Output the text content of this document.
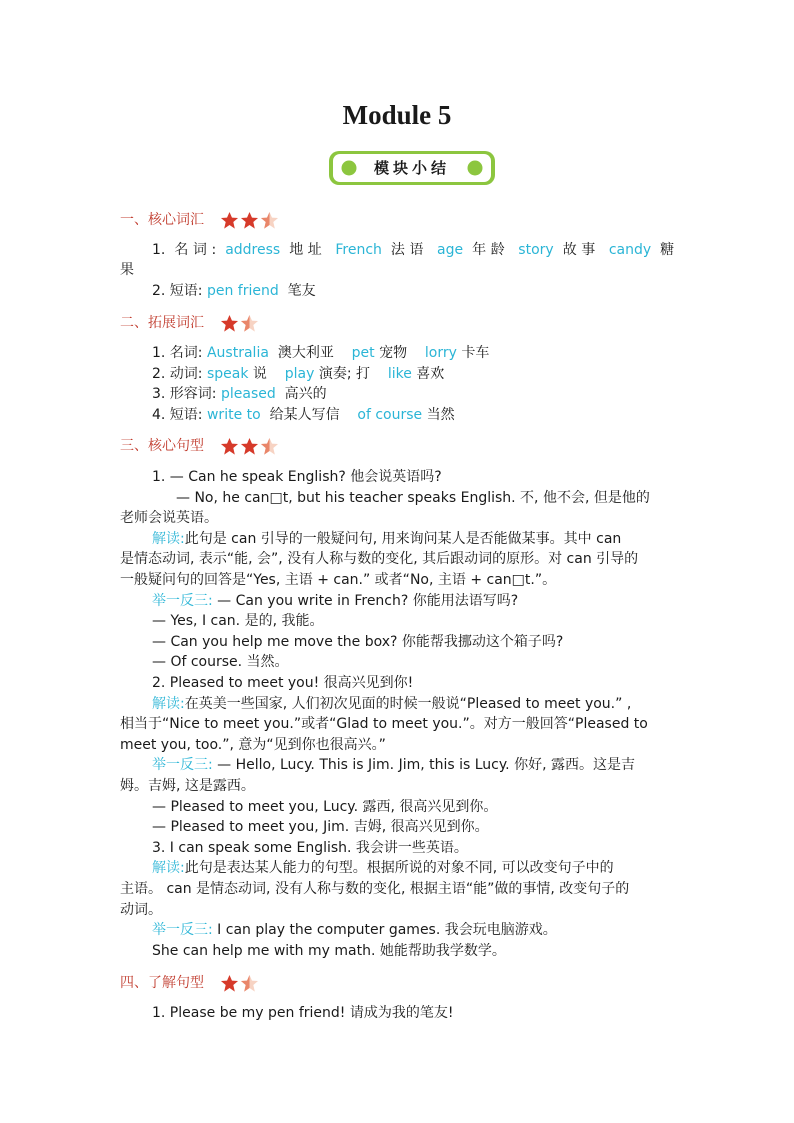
Module 5
模块小结
一、核心词汇
1. 名词: address 地址 French 法语 age 年龄 story 故事 candy 糖
果
2. 短语: pen friend 笔友
二、拓展词汇
1. 名词: Australia 澳大利亚 pet 宠物 lorry 卡车
2. 动词: speak 说 play 演奏; 打 like 喜欢
3. 形容词: pleased 高兴的
4. 短语: write to 给某人写信 of course 当然
三、核心句型
1. — Can he speak English? 他会说英语吗?
— No, he can□t, but his teacher speaks English. 不, 他不会, 但是他的
老师会说英语。
解读:此句是 can 引导的一般疑问句, 用来询问某人是否能做某事。其中 can
是情态动词, 表示“能, 会”, 没有人称与数的变化, 其后跟动词的原形。对 can 引导的
一般疑问句的回答是“Yes, 主语 + can.” 或者“No, 主语 + can□t.”。
举一反三: — Can you write in French? 你能用法语写吗?
— Yes, I can. 是的, 我能。
— Can you help me move the box? 你能帮我挪动这个箱子吗?
— Of course. 当然。
2. Pleased to meet you! 很高兴见到你!
解读:在英美一些国家, 人们初次见面的时候一般说“Pleased to meet you.” ,
相当于“Nice to meet you.”或者“Glad to meet you.”。对方一般回答“Pleased to
meet you, too.”, 意为“见到你也很高兴。”
举一反三: — Hello, Lucy. This is Jim. Jim, this is Lucy. 你好, 露西。这是吉
姆。吉姆, 这是露西。
— Pleased to meet you, Lucy. 露西, 很高兴见到你。
— Pleased to meet you, Jim. 吉姆, 很高兴见到你。
3. I can speak some English. 我会讲一些英语。
解读:此句是表达某人能力的句型。根据所说的对象不同, 可以改变句子中的
主语。 can 是情态动词, 没有人称与数的变化, 根据主语“能”做的事情, 改变句子的
动词。
举一反三: I can play the computer games. 我会玩电脑游戏。
She can help me with my math. 她能帮助我学数学。
四、了解句型
1. Please be my pen friend! 请成为我的笔友!
